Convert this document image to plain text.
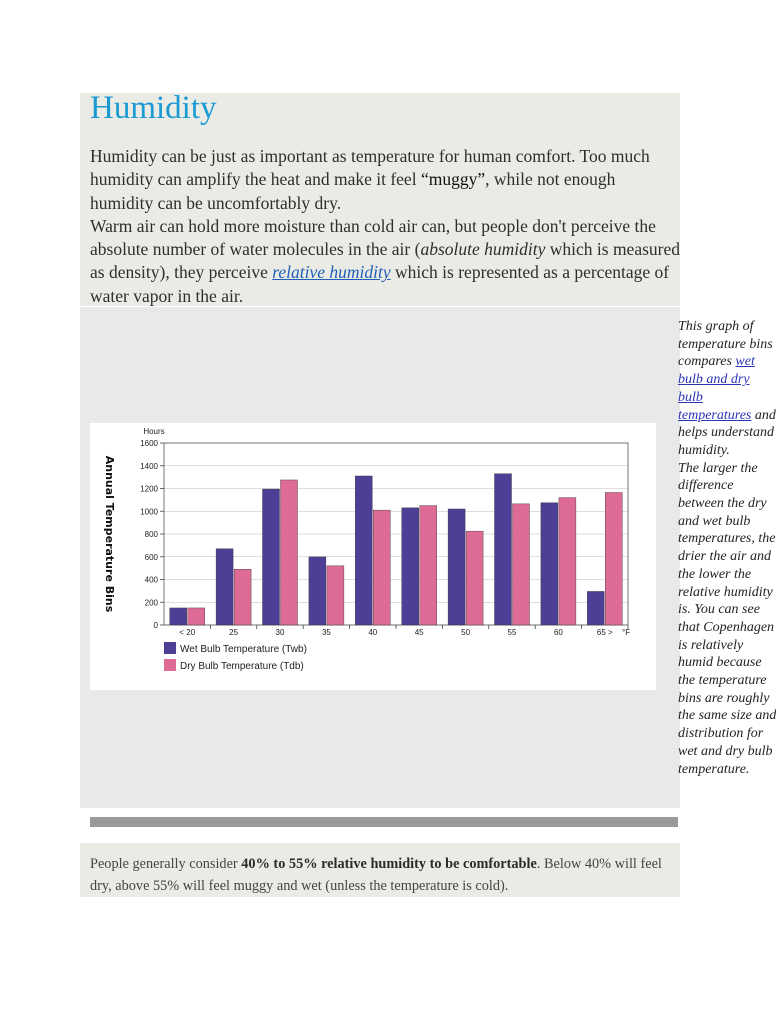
Humidity

Humidity can be just as important as temperature for human comfort. Too much humidity can amplify the heat and make it feel “muggy”, while not enough humidity can be uncomfortably dry.

Warm air can hold more moisture than cold air can, but people don't perceive the absolute number of water molecules in the air (absolute humidity which is measured as density), they perceive relative humidity which is represented as a percentage of water vapor in the air.

0
200
400
600
800
1000
1200
1400
1600
Hours
Annual Temperature Bins
< 20	25	30	35	40	45	50	55	60	65 > °F
Wet Bulb Temperature (Twb)
Dry Bulb Temperature (Tdb)
This graph of
temperature bins
compares wet
bulb and dry
bulb
temperatures and
helps understand
humidity.
The larger the
difference
between the dry
and wet bulb
temperatures, the
drier the air and
the lower the
relative humidity
is. You can see
that Copenhagen
is relatively
humid because
the temperature
bins are roughly
the same size and
distribution for
wet and dry bulb
temperature.

People generally consider 40% to 55% relative humidity to be comfortable. Below 40% will feel dry, above 55% will feel muggy and wet (unless the temperature is cold).
